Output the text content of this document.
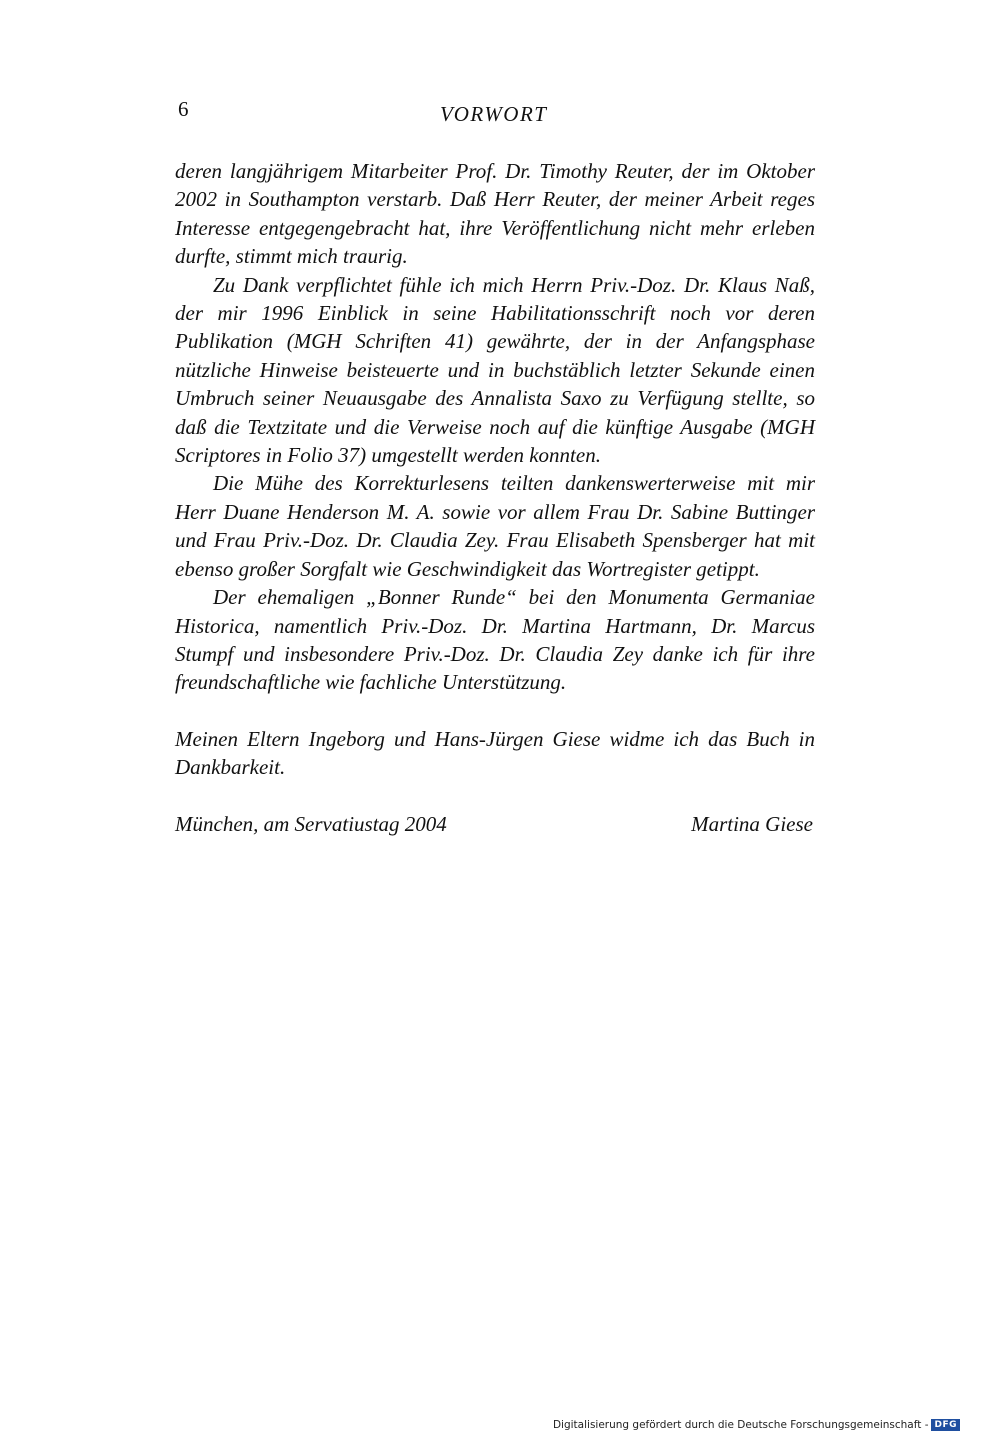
6	VORWORT

deren langjährigem Mitarbeiter Prof. Dr. Timothy Reuter, der im Oktober 2002 in Southampton verstarb. Daß Herr Reuter, der meiner Arbeit reges Interesse entgegengebracht hat, ihre Veröffentlichung nicht mehr erleben durfte, stimmt mich traurig.

Zu Dank verpflichtet fühle ich mich Herrn Priv.-Doz. Dr. Klaus Naß, der mir 1996 Einblick in seine Habilitationsschrift noch vor deren Publikation (MGH Schriften 41) gewährte, der in der Anfangsphase nützliche Hinweise beisteuerte und in buchstäblich letzter Sekunde einen Umbruch seiner Neuausgabe des Annalista Saxo zu Verfügung stellte, so daß die Textzitate und die Verweise noch auf die künftige Ausgabe (MGH Scriptores in Folio 37) umgestellt werden konnten.

Die Mühe des Korrekturlesens teilten dankenswerterweise mit mir Herr Duane Henderson M. A. sowie vor allem Frau Dr. Sabine Buttinger und Frau Priv.-Doz. Dr. Claudia Zey. Frau Elisabeth Spensberger hat mit ebenso großer Sorgfalt wie Geschwindigkeit das Wortregister getippt.

Der ehemaligen „Bonner Runde“ bei den Monumenta Germaniae Historica, namentlich Priv.-Doz. Dr. Martina Hartmann, Dr. Marcus Stumpf und insbesondere Priv.-Doz. Dr. Claudia Zey danke ich für ihre freundschaftliche wie fachliche Unterstützung.

Meinen Eltern Ingeborg und Hans-Jürgen Giese widme ich das Buch in Dankbarkeit.

München, am Servatiustag 2004	Martina Giese
Digitalisierung gefördert durch die Deutsche Forschungsgemeinschaft - DFG
